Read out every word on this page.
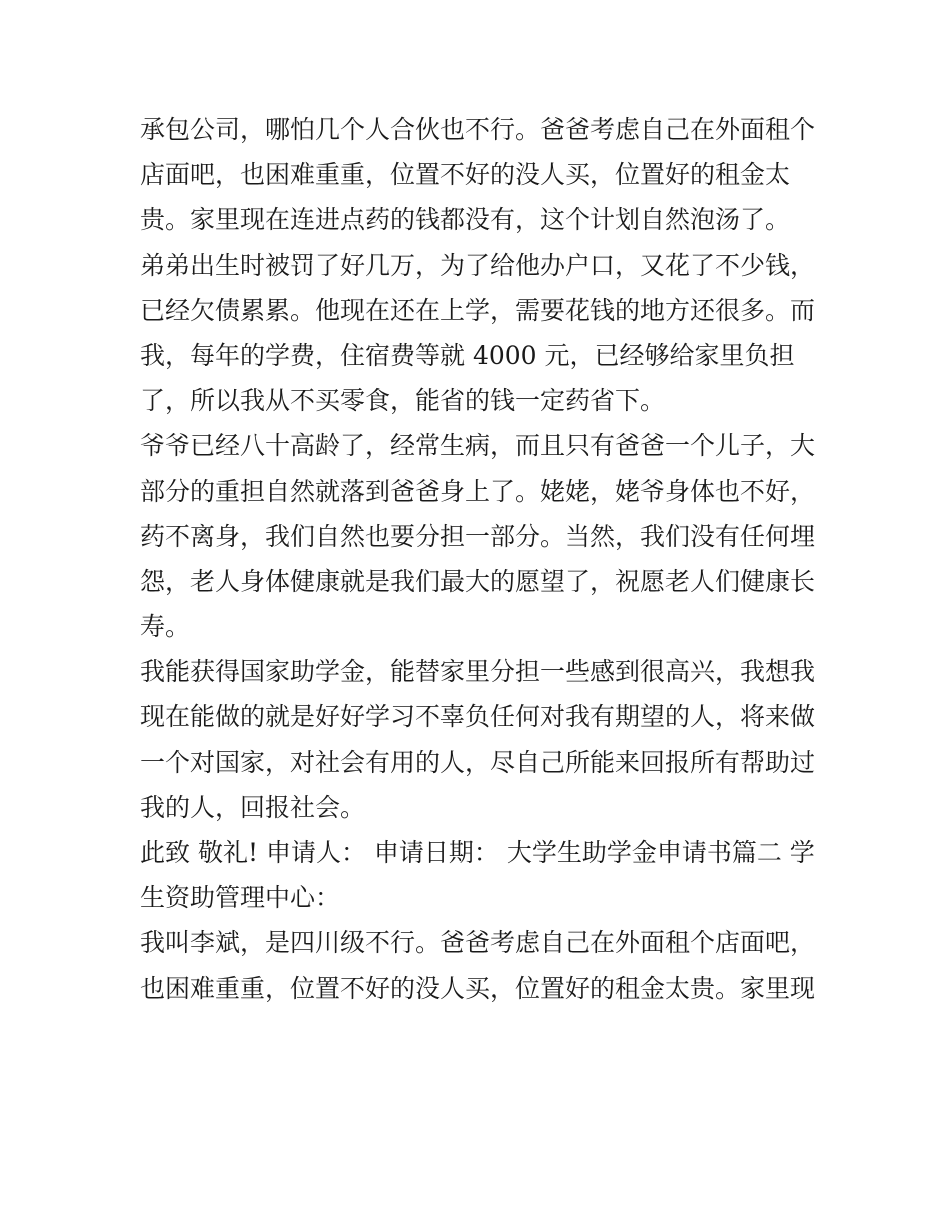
承包公司，哪怕几个人合伙也不行。爸爸考虑自己在外面租个
店面吧，也困难重重，位置不好的没人买，位置好的租金太
贵。家里现在连进点药的钱都没有，这个计划自然泡汤了。
弟弟出生时被罚了好几万，为了给他办户口，又花了不少钱，
已经欠债累累。他现在还在上学，需要花钱的地方还很多。而
我，每年的学费，住宿费等就 4000 元，已经够给家里负担
了，所以我从不买零食，能省的钱一定药省下。
爷爷已经八十高龄了，经常生病，而且只有爸爸一个儿子，大
部分的重担自然就落到爸爸身上了。姥姥，姥爷身体也不好，
药不离身，我们自然也要分担一部分。当然，我们没有任何埋
怨，老人身体健康就是我们最大的愿望了，祝愿老人们健康长
寿。
我能获得国家助学金，能替家里分担一些感到很高兴，我想我
现在能做的就是好好学习不辜负任何对我有期望的人，将来做
一个对国家，对社会有用的人，尽自己所能来回报所有帮助过
我的人，回报社会。
此致 敬礼! 申请人： 申请日期： 大学生助学金申请书篇二 学
生资助管理中心：
我叫李斌，是四川级不行。爸爸考虑自己在外面租个店面吧，
也困难重重，位置不好的没人买，位置好的租金太贵。家里现
